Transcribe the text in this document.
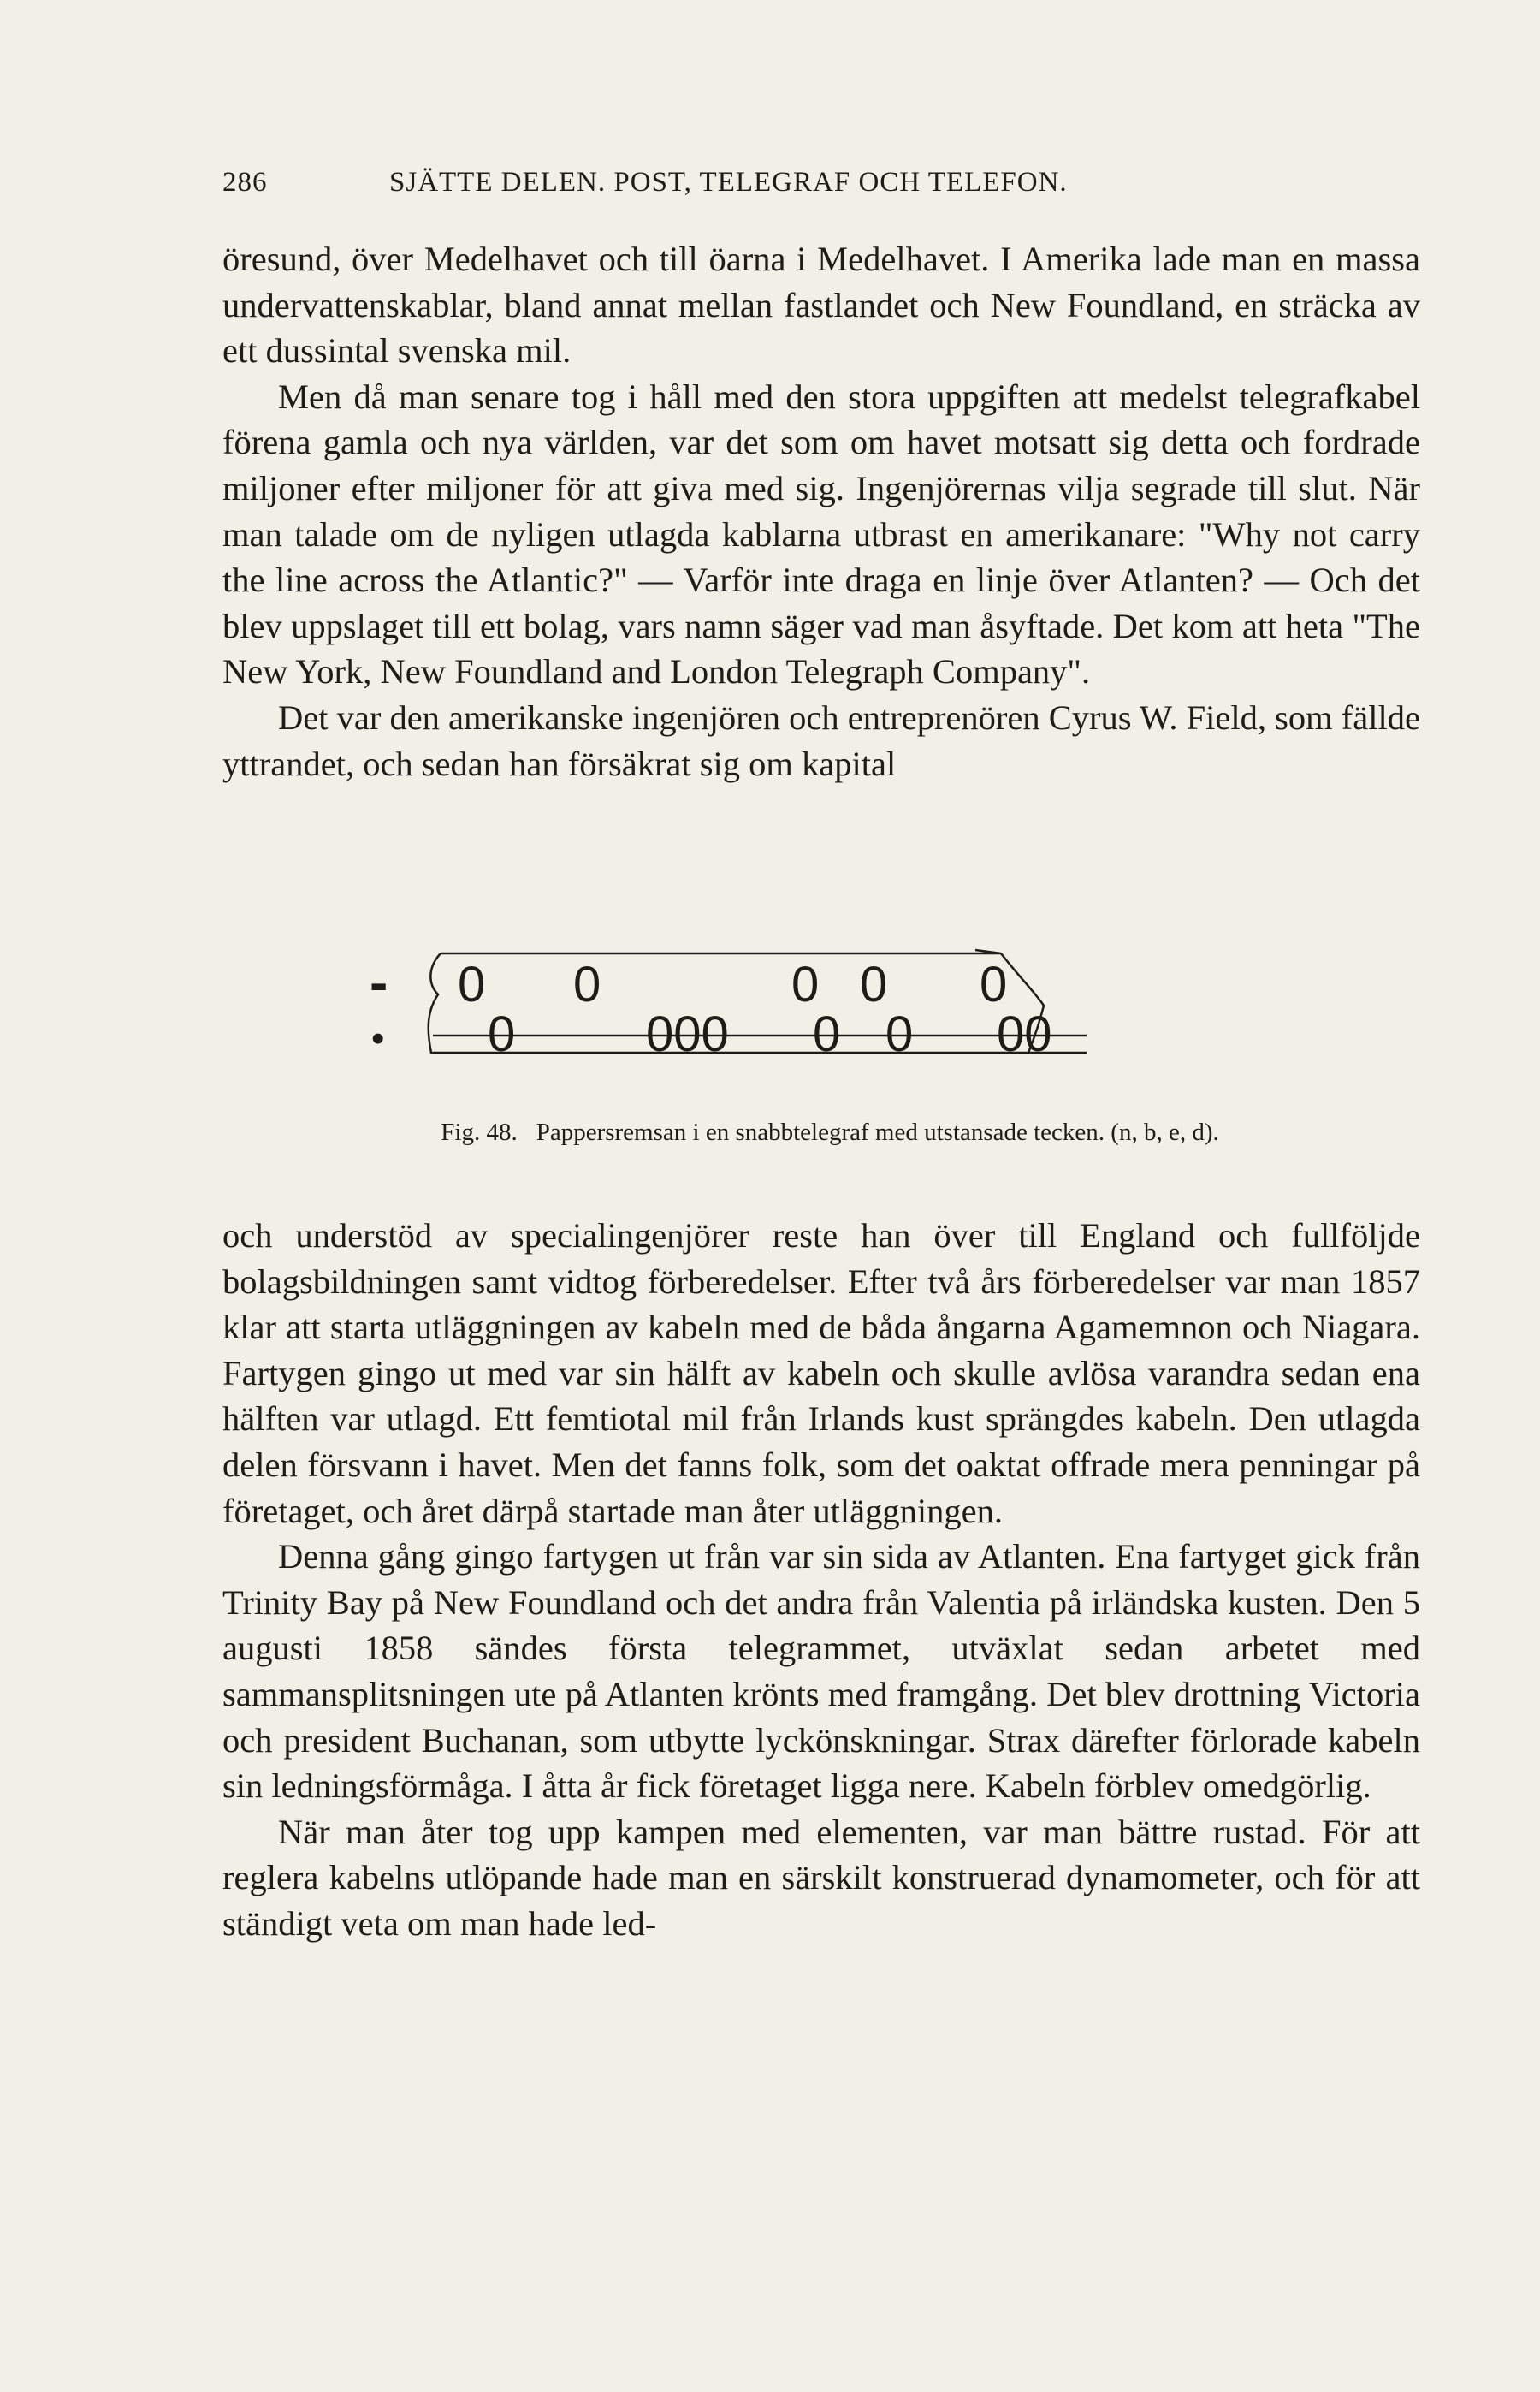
286	SJÄTTE DELEN. POST, TELEGRAF OCH TELEFON.

öresund, över Medelhavet och till öarna i Medelhavet. I Amerika lade man en massa undervattenskablar, bland annat mellan fastlandet och New Foundland, en sträcka av ett dussintal svenska mil.

Men då man senare tog i håll med den stora uppgiften att medelst telegrafkabel förena gamla och nya världen, var det som om havet motsatt sig detta och fordrade miljoner efter miljoner för att giva med sig. Ingenjörernas vilja segrade till slut. När man talade om de nyligen utlagda kablarna utbrast en amerikanare: "Why not carry the line across the Atlantic?" — Varför inte draga en linje över Atlanten? — Och det blev uppslaget till ett bolag, vars namn säger vad man åsyftade. Det kom att heta "The New York, New Foundland and London Telegraph Company".

Det var den amerikanske ingenjören och entreprenören Cyrus W. Field, som fällde yttrandet, och sedan han försäkrat sig om kapital

-
•
0 0	0 0 0
0	000 0 0 00
Fig. 48. Pappersremsan i en snabbtelegraf med utstansade tecken. (n, b, e, d).

och understöd av specialingenjörer reste han över till England och fullföljde bolagsbildningen samt vidtog förberedelser. Efter två års förberedelser var man 1857 klar att starta utläggningen av kabeln med de båda ångarna Agamemnon och Niagara. Fartygen gingo ut med var sin hälft av kabeln och skulle avlösa varandra sedan ena hälften var utlagd. Ett femtiotal mil från Irlands kust sprängdes kabeln. Den utlagda delen försvann i havet. Men det fanns folk, som det oaktat offrade mera penningar på företaget, och året därpå startade man åter utläggningen.

Denna gång gingo fartygen ut från var sin sida av Atlanten. Ena fartyget gick från Trinity Bay på New Foundland och det andra från Valentia på irländska kusten. Den 5 augusti 1858 sändes första telegrammet, utväxlat sedan arbetet med sammansplitsningen ute på Atlanten krönts med framgång. Det blev drottning Victoria och president Buchanan, som utbytte lyckönskningar. Strax därefter förlorade kabeln sin ledningsförmåga. I åtta år fick företaget ligga nere. Kabeln förblev omedgörlig.

När man åter tog upp kampen med elementen, var man bättre rustad. För att reglera kabelns utlöpande hade man en särskilt konstruerad dynamometer, och för att ständigt veta om man hade led-
